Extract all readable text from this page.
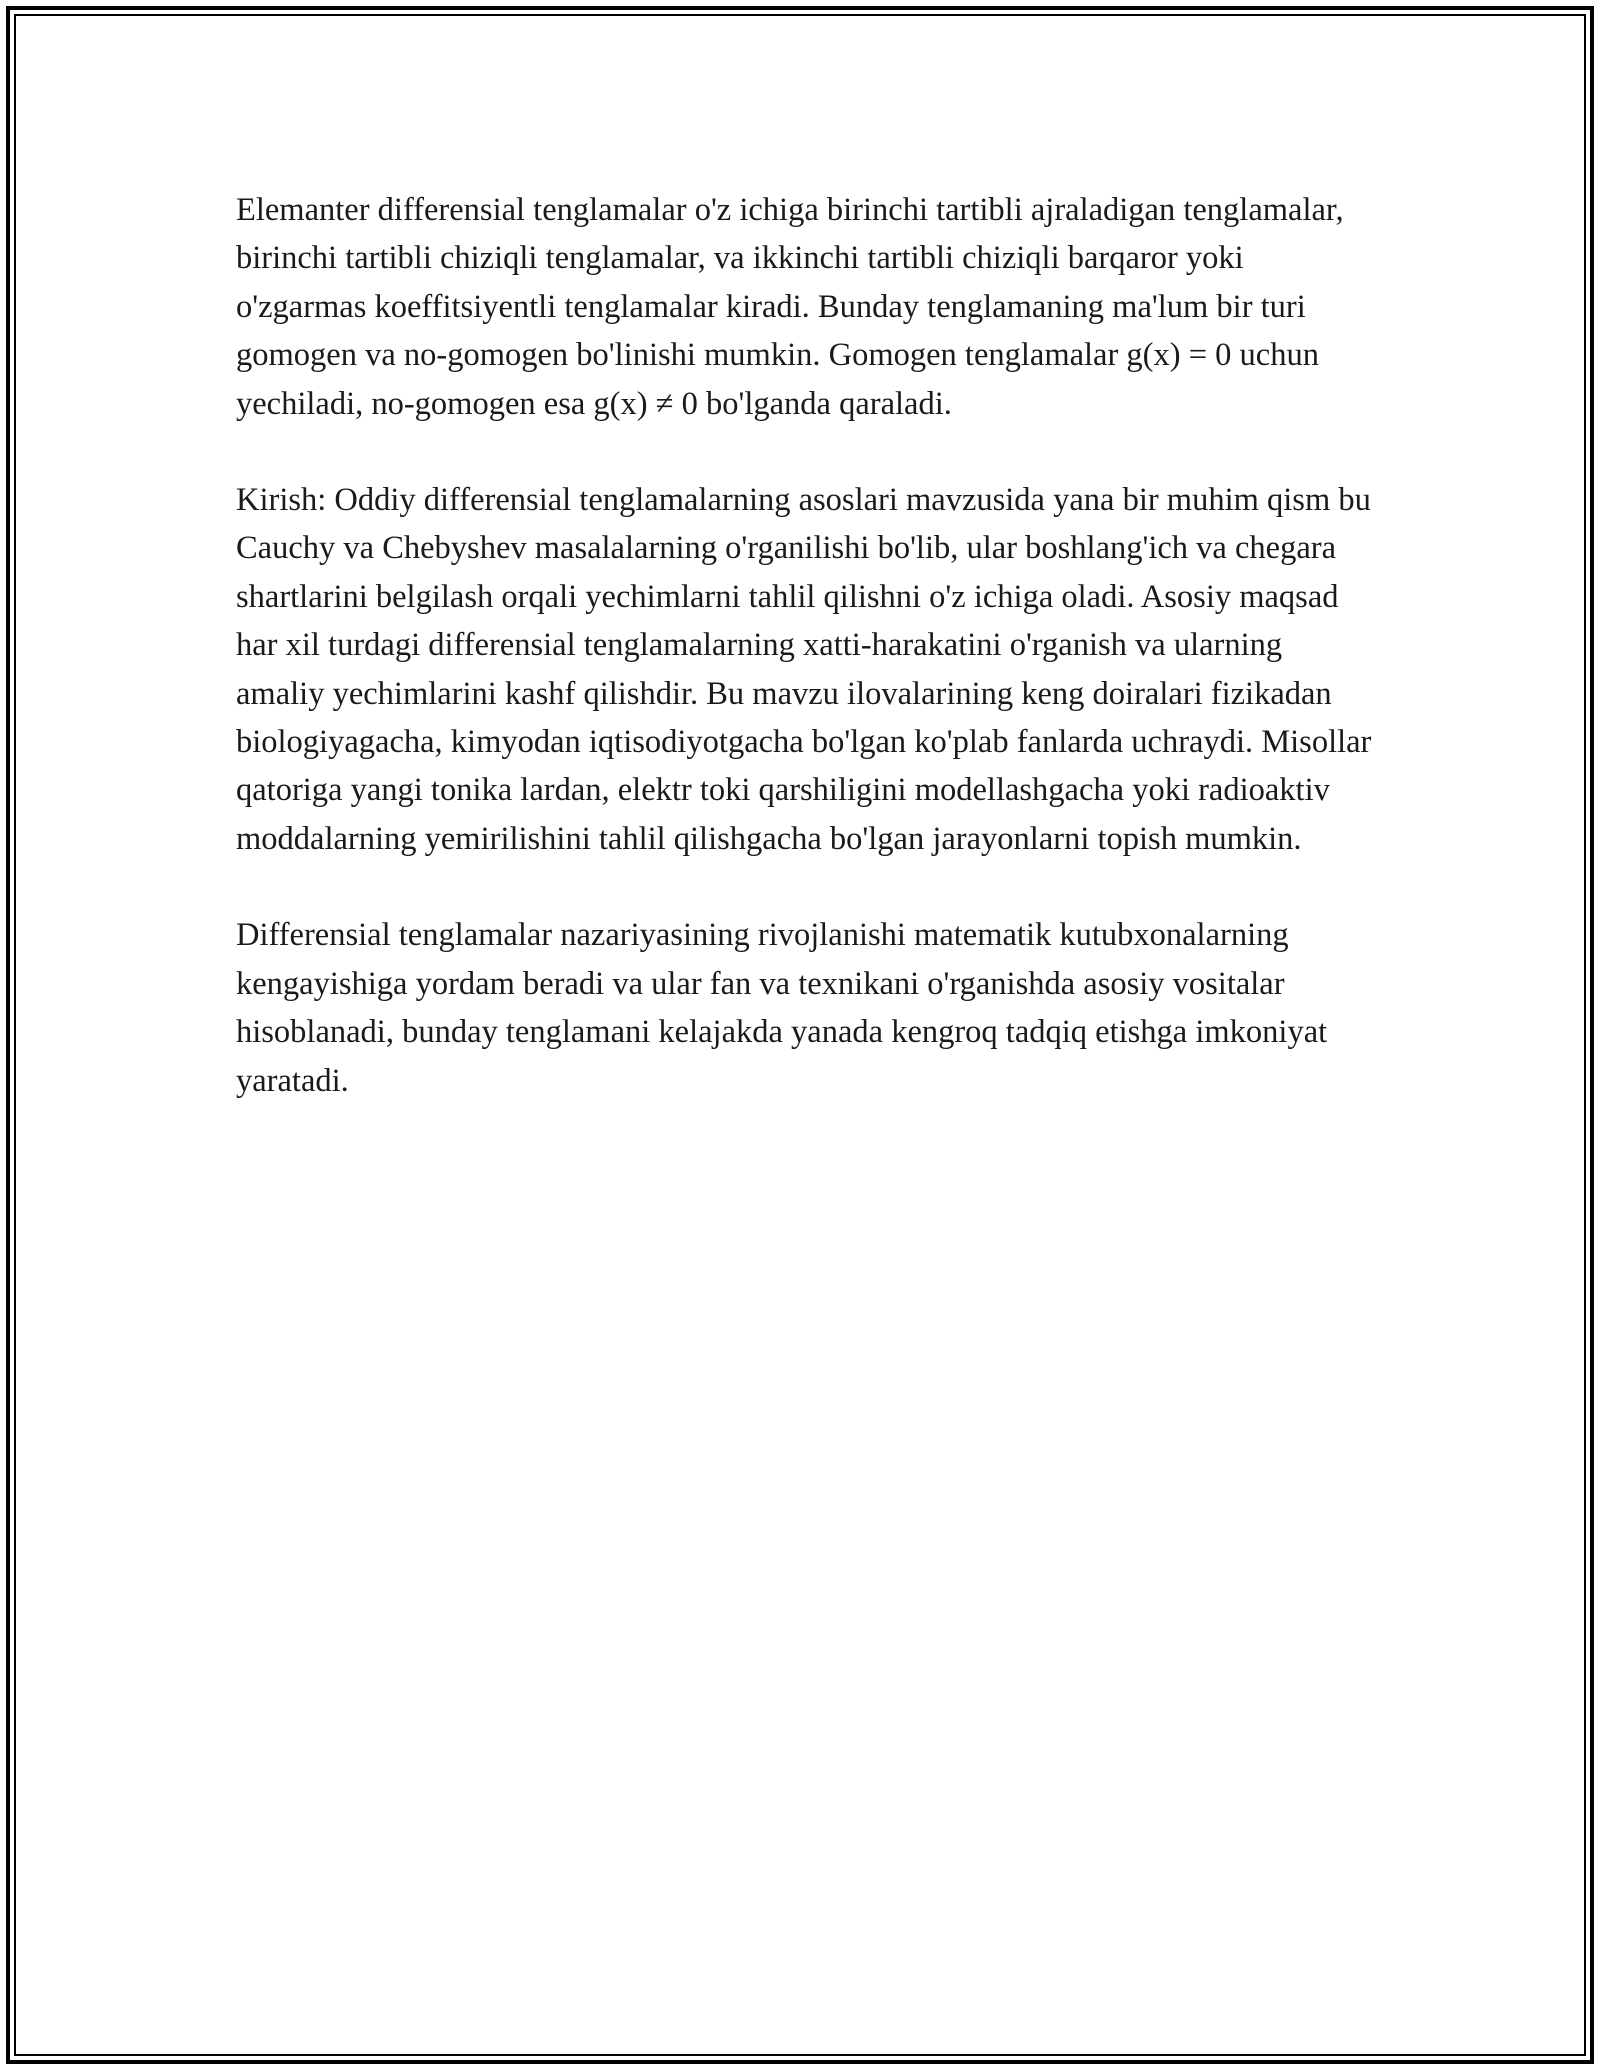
Elemanter differensial tenglamalar o'z ichiga birinchi tartibli ajraladigan tenglamalar, birinchi tartibli chiziqli tenglamalar, va ikkinchi tartibli chiziqli barqaror yoki o'zgarmas koeffitsiyentli tenglamalar kiradi. Bunday tenglamaning ma'lum bir turi gomogen va no-gomogen bo'linishi mumkin. Gomogen tenglamalar g(x) = 0 uchun yechiladi, no-gomogen esa g(x) ≠ 0 bo'lganda qaraladi.

Kirish: Oddiy differensial tenglamalarning asoslari mavzusida yana bir muhim qism bu Cauchy va Chebyshev masalalarning o'rganilishi bo'lib, ular boshlang'ich va chegara shartlarini belgilash orqali yechimlarni tahlil qilishni o'z ichiga oladi. Asosiy maqsad har xil turdagi differensial tenglamalarning xatti-harakatini o'rganish va ularning amaliy yechimlarini kashf qilishdir. Bu mavzu ilovalarining keng doiralari fizikadan biologiyagacha, kimyodan iqtisodiyotgacha bo'lgan ko'plab fanlarda uchraydi. Misollar qatoriga yangi tonika lardan, elektr toki qarshiligini modellashgacha yoki radioaktiv moddalarning yemirilishini tahlil qilishgacha bo'lgan jarayonlarni topish mumkin.

Differensial tenglamalar nazariyasining rivojlanishi matematik kutubxonalarning kengayishiga yordam beradi va ular fan va texnikani o'rganishda asosiy vositalar hisoblanadi, bunday tenglamani kelajakda yanada kengroq tadqiq etishga imkoniyat yaratadi.
